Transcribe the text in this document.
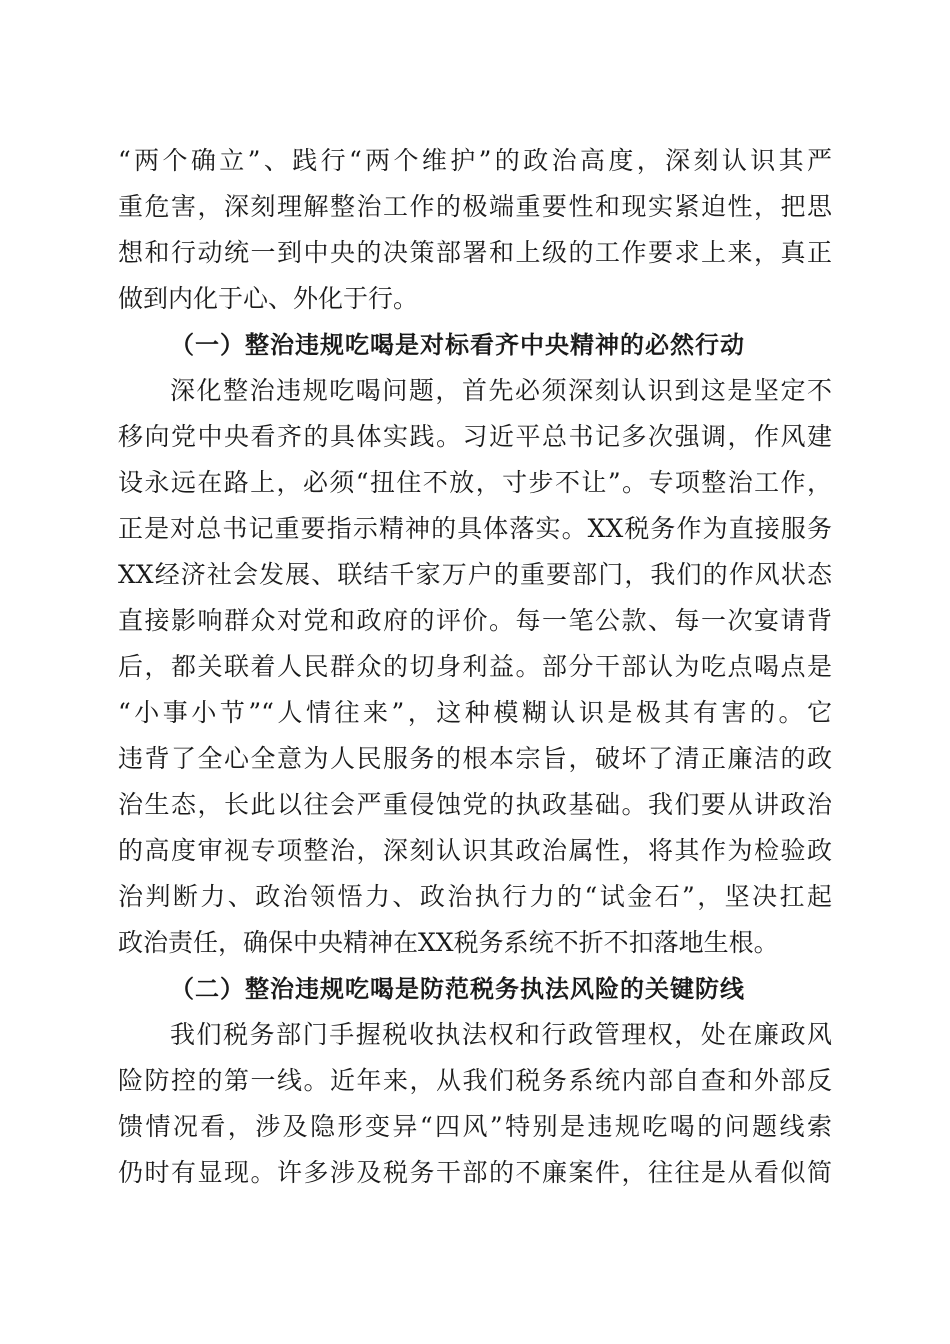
“两个确立”、践行“两个维护”的政治高度，深刻认识其严
重危害，深刻理解整治工作的极端重要性和现实紧迫性，把思
想和行动统一到中央的决策部署和上级的工作要求上来，真正
做到内化于心、外化于行。
（一）整治违规吃喝是对标看齐中央精神的必然行动
深化整治违规吃喝问题，首先必须深刻认识到这是坚定不
移向党中央看齐的具体实践。习近平总书记多次强调，作风建
设永远在路上，必须“扭住不放，寸步不让”。专项整治工作，
正是对总书记重要指示精神的具体落实。XX税务作为直接服务
XX经济社会发展、联结千家万户的重要部门，我们的作风状态
直接影响群众对党和政府的评价。每一笔公款、每一次宴请背
后，都关联着人民群众的切身利益。部分干部认为吃点喝点是
“小事小节”“人情往来”，这种模糊认识是极其有害的。它
违背了全心全意为人民服务的根本宗旨，破坏了清正廉洁的政
治生态，长此以往会严重侵蚀党的执政基础。我们要从讲政治
的高度审视专项整治，深刻认识其政治属性，将其作为检验政
治判断力、政治领悟力、政治执行力的“试金石”，坚决扛起
政治责任，确保中央精神在XX税务系统不折不扣落地生根。
（二）整治违规吃喝是防范税务执法风险的关键防线
我们税务部门手握税收执法权和行政管理权，处在廉政风
险防控的第一线。近年来，从我们税务系统内部自查和外部反
馈情况看，涉及隐形变异“四风”特别是违规吃喝的问题线索
仍时有显现。许多涉及税务干部的不廉案件，往往是从看似简
